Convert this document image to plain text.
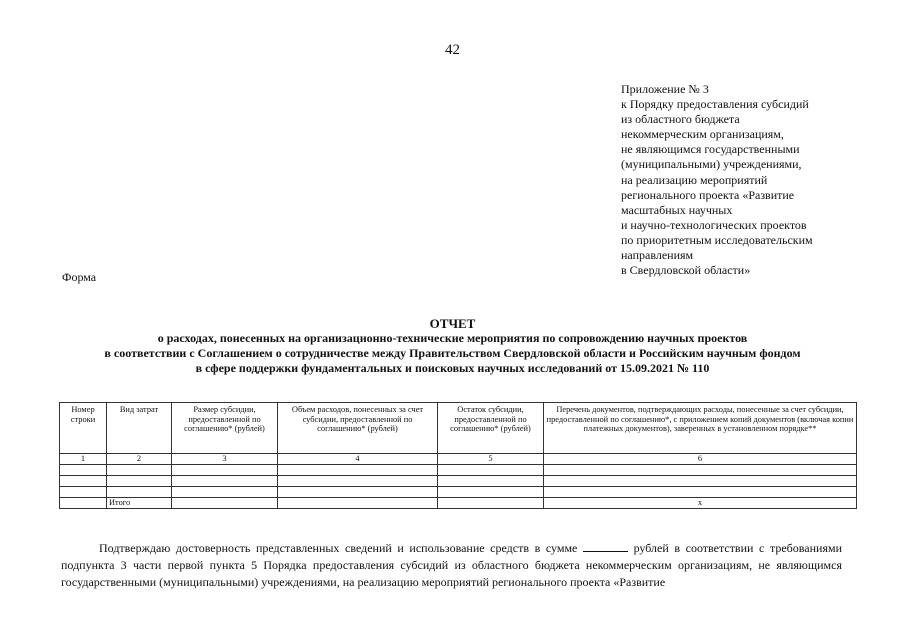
42
Приложение № 3
к Порядку предоставления субсидий
из областного бюджета
некоммерческим организациям,
не являющимся государственными
(муниципальными) учреждениями,
на реализацию мероприятий
регионального проекта «Развитие
масштабных научных
и научно-технологических проектов
по приоритетным исследовательским
направлениям
в Свердловской области»
Форма
ОТЧЕТ
о расходах, понесенных на организационно-технические мероприятия по сопровождению научных проектов
в соответствии с Соглашением о сотрудничестве между Правительством Свердловской области и Российским научным фондом
в сфере поддержки фундаментальных и поисковых научных исследований от 15.09.2021 № 110
Номер строки	Вид затрат	Размер субсидии, предоставленной по соглашению* (рублей)	Объем расходов, понесенных за счет субсидии, предоставленной по соглашению* (рублей)	Остаток субсидии, предоставленной по соглашению* (рублей)	Перечень документов, подтверждающих расходы, понесенные за счет субсидии, предоставленной по соглашению*, с приложением копий документов (включая копии платежных документов), заверенных в установленном порядке**
1	2	3	4	5	6

	Итого				х
Подтверждаю достоверность представленных сведений и использование средств в сумме	рублей в соответствии с требованиями подпункта 3 части первой пункта 5 Порядка предоставления субсидий из областного бюджета некоммерческим организациям, не являющимся государственными (муниципальными) учреждениями, на реализацию мероприятий регионального проекта «Развитие
